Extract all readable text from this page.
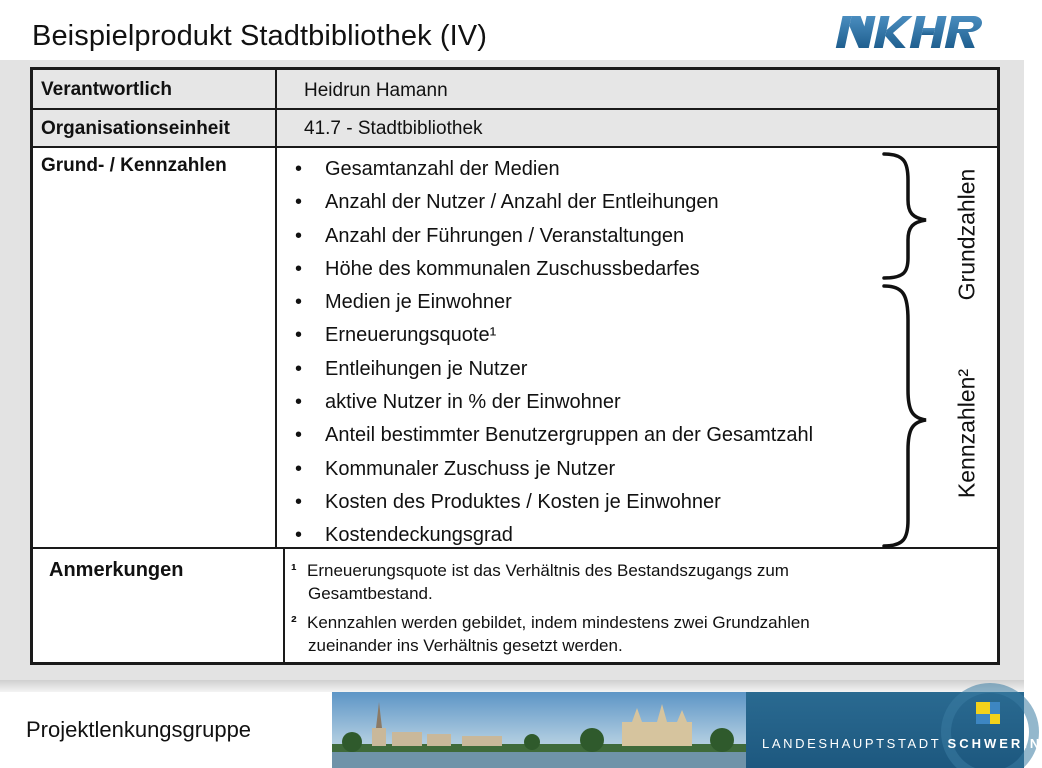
Beispielprodukt Stadtbibliothek (IV)
Verantwortlich	Heidrun Hamann
Organisationseinheit	41.7 - Stadtbibliothek
Grund- / Kennzahlen	• Gesamtanzahl der Medien
• Anzahl der Nutzer / Anzahl der Entleihungen
• Anzahl der Führungen / Veranstaltungen
• Höhe des kommunalen Zuschussbedarfes
• Medien je Einwohner
• Erneuerungsquote¹
• Entleihungen je Nutzer
• aktive Nutzer in % der Einwohner
• Anteil bestimmter Benutzergruppen an der Gesamtzahl
• Kommunaler Zuschuss je Nutzer
• Kosten des Produktes / Kosten je Einwohner
• Kostendeckungsgrad
Grundzahlen
Kennzahlen²
Anmerkungen	¹ Erneuerungsquote ist das Verhältnis des Bestandszugangs zum
Gesamtbestand.
² Kennzahlen werden gebildet, indem mindestens zwei Grundzahlen
zueinander ins Verhältnis gesetzt werden.
Projektlenkungsgruppe
LANDESHAUPTSTADT SCHWERIN
